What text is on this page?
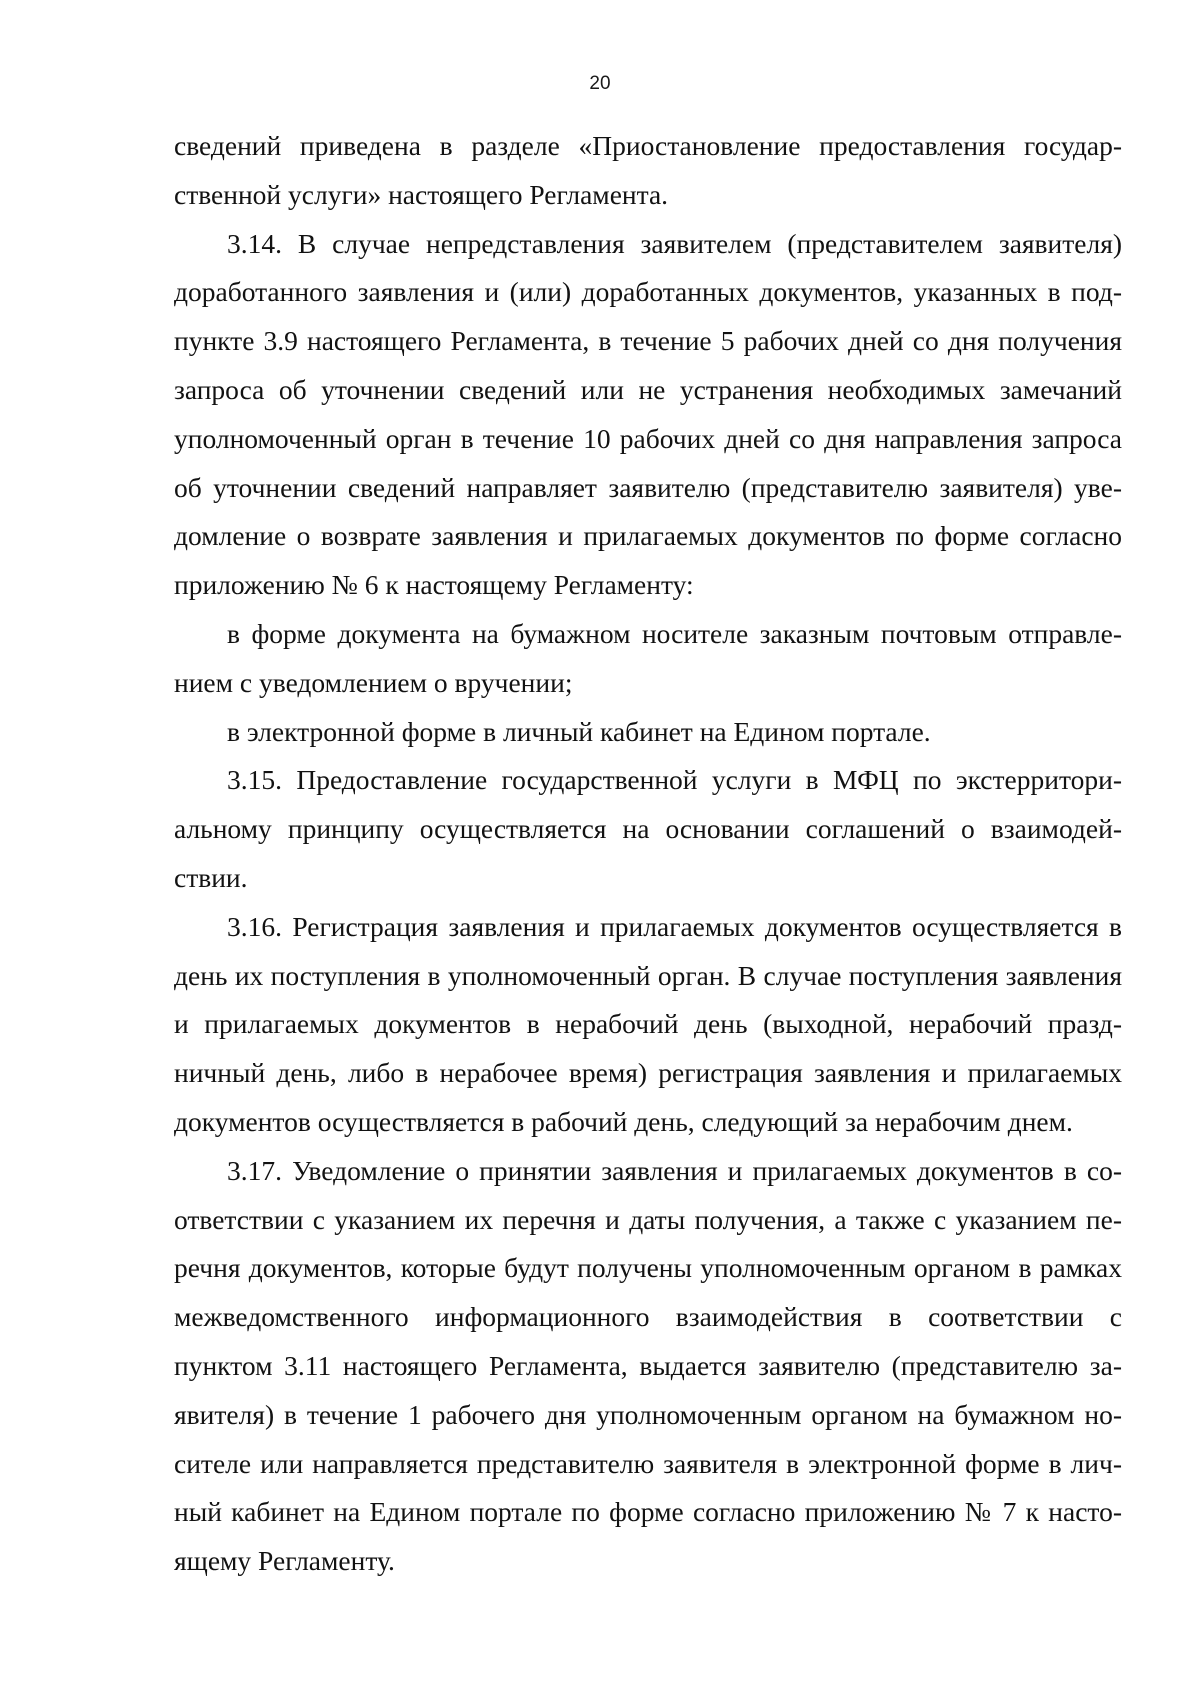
20

сведений приведена в разделе «Приостановление предоставления государственной услуги» настоящего Регламента.

3.14. В случае непредставления заявителем (представителем заявителя) доработанного заявления и (или) доработанных документов, указанных в подпункте 3.9 настоящего Регламента, в течение 5 рабочих дней со дня получения запроса об уточнении сведений или не устранения необходимых замечаний уполномоченный орган в течение 10 рабочих дней со дня направления запроса об уточнении сведений направляет заявителю (представителю заявителя) уведомление о возврате заявления и прилагаемых документов по форме согласно приложению № 6 к настоящему Регламенту:

в форме документа на бумажном носителе заказным почтовым отправлением с уведомлением о вручении;

в электронной форме в личный кабинет на Едином портале.

3.15. Предоставление государственной услуги в МФЦ по экстерриториальному принципу осуществляется на основании соглашений о взаимодействии.

3.16. Регистрация заявления и прилагаемых документов осуществляется в день их поступления в уполномоченный орган. В случае поступления заявления и прилагаемых документов в нерабочий день (выходной, нерабочий праздничный день, либо в нерабочее время) регистрация заявления и прилагаемых документов осуществляется в рабочий день, следующий за нерабочим днем.

3.17. Уведомление о принятии заявления и прилагаемых документов в соответствии с указанием их перечня и даты получения, а также с указанием перечня документов, которые будут получены уполномоченным органом в рамках межведомственного информационного взаимодействия в соответствии с пунктом 3.11 настоящего Регламента, выдается заявителю (представителю заявителя) в течение 1 рабочего дня уполномоченным органом на бумажном носителе или направляется представителю заявителя в электронной форме в личный кабинет на Едином портале по форме согласно приложению № 7 к настоящему Регламенту.
